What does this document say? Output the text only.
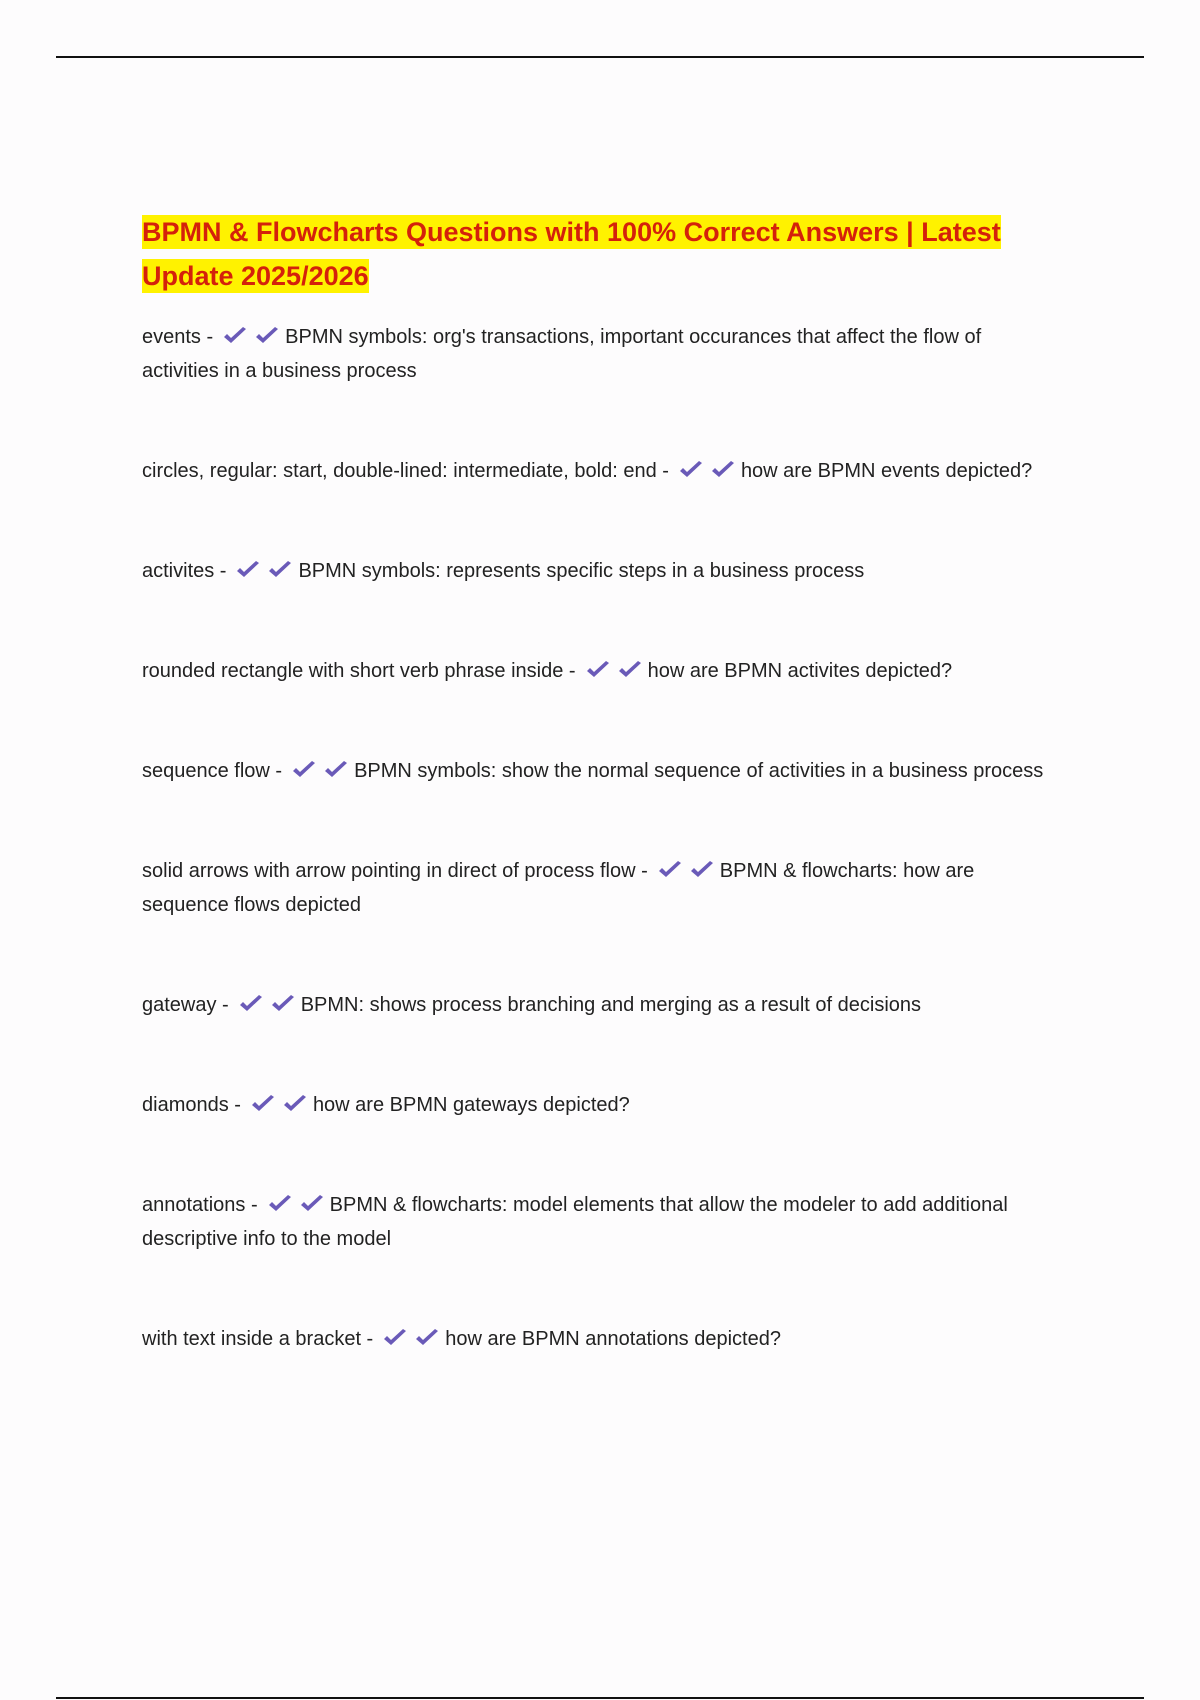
BPMN & Flowcharts Questions with 100% Correct Answers | Latest
Update 2025/2026

events -	BPMN symbols: org's transactions, important occurances that affect the flow of activities in a business process

circles, regular: start, double-lined: intermediate, bold: end -	how are BPMN events depicted?

activites -	BPMN symbols: represents specific steps in a business process

rounded rectangle with short verb phrase inside -	how are BPMN activites depicted?

sequence flow -	BPMN symbols: show the normal sequence of activities in a business process

solid arrows with arrow pointing in direct of process flow -	BPMN & flowcharts: how are sequence flows depicted

gateway -	BPMN: shows process branching and merging as a result of decisions

diamonds -	how are BPMN gateways depicted?

annotations -	BPMN & flowcharts: model elements that allow the modeler to add additional descriptive info to the model

with text inside a bracket -	how are BPMN annotations depicted?
